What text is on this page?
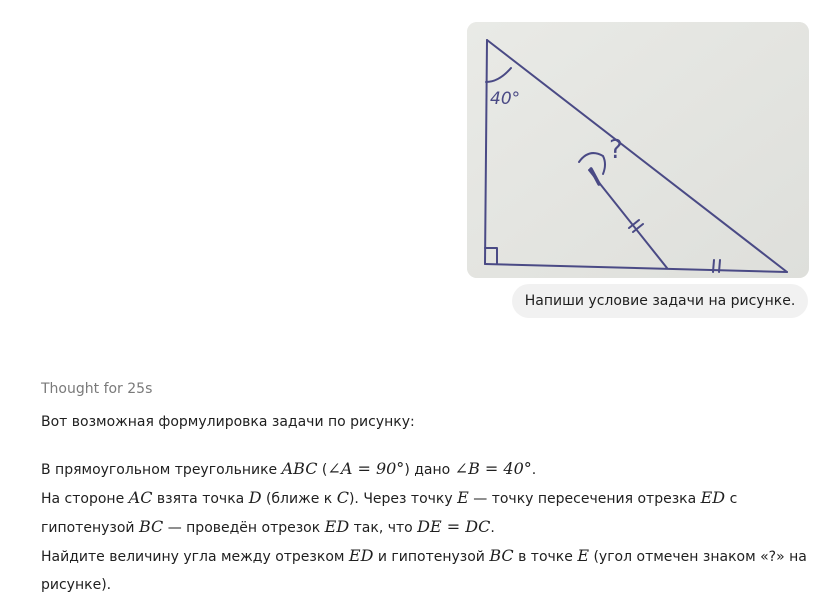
40°
?
Напиши условие задачи на рисунке.
Thought for 25s
Вот возможная формулировка задачи по рисунку:

В прямоугольном треугольнике ABC (∠A = 90°) дано ∠B = 40°.

На стороне AC взята точка D (ближе к C). Через точку E — точку пересечения отрезка ED с гипотенузой BC — проведён отрезок ED так, что DE = DC.

Найдите величину угла между отрезком ED и гипотенузой BC в точке E (угол отмечен знаком «?» на рисунке).
